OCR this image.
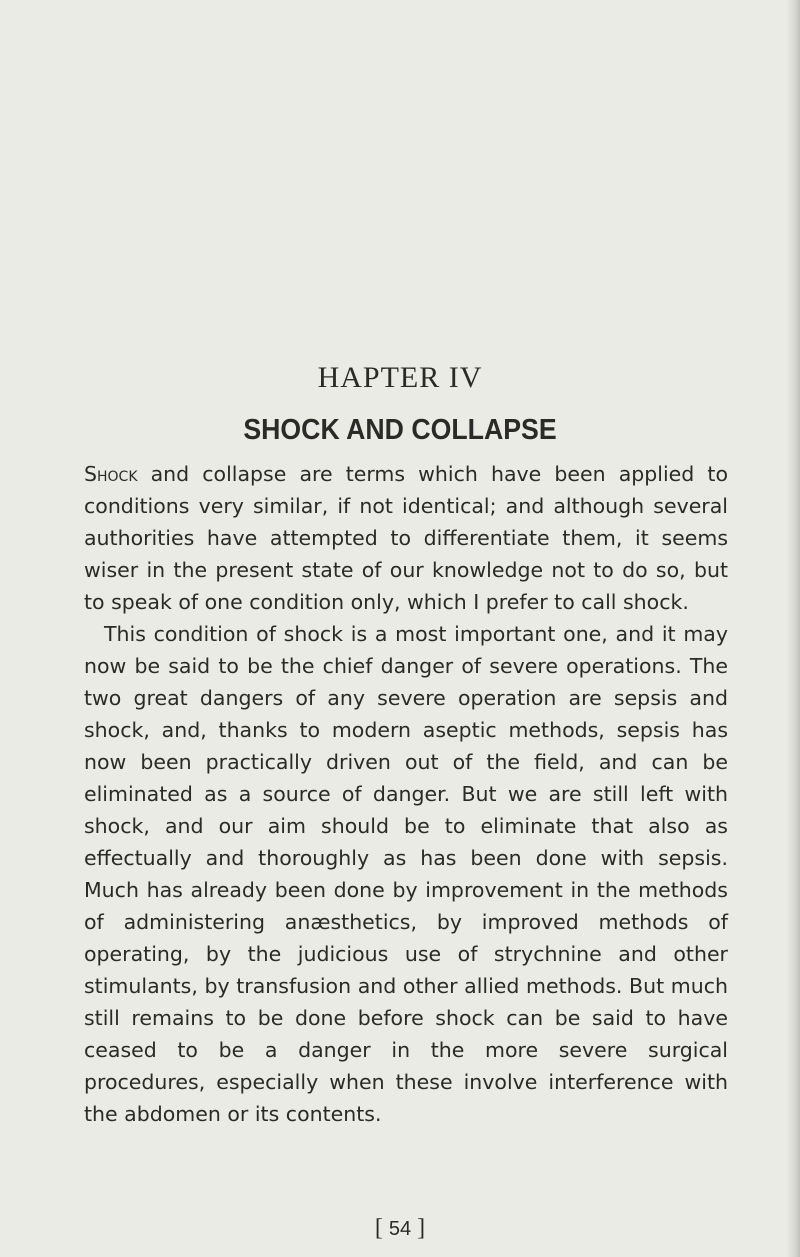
HAPTER IV
SHOCK AND COLLAPSE

Shock and collapse are terms which have been applied to conditions very similar, if not identical; and although several authorities have attempted to differentiate them, it seems wiser in the present state of our knowledge not to do so, but to speak of one condition only, which I prefer to call shock.

This condition of shock is a most important one, and it may now be said to be the chief danger of severe operations. The two great dangers of any severe operation are sepsis and shock, and, thanks to modern aseptic methods, sepsis has now been practically driven out of the field, and can be eliminated as a source of danger. But we are still left with shock, and our aim should be to eliminate that also as effectually and thoroughly as has been done with sepsis. Much has already been done by improvement in the methods of administering anæsthetics, by improved methods of operating, by the judicious use of strychnine and other stimulants, by transfusion and other allied methods. But much still remains to be done before shock can be said to have ceased to be a danger in the more severe surgical procedures, especially when these involve interference with the abdomen or its contents.

[ 54 ]
